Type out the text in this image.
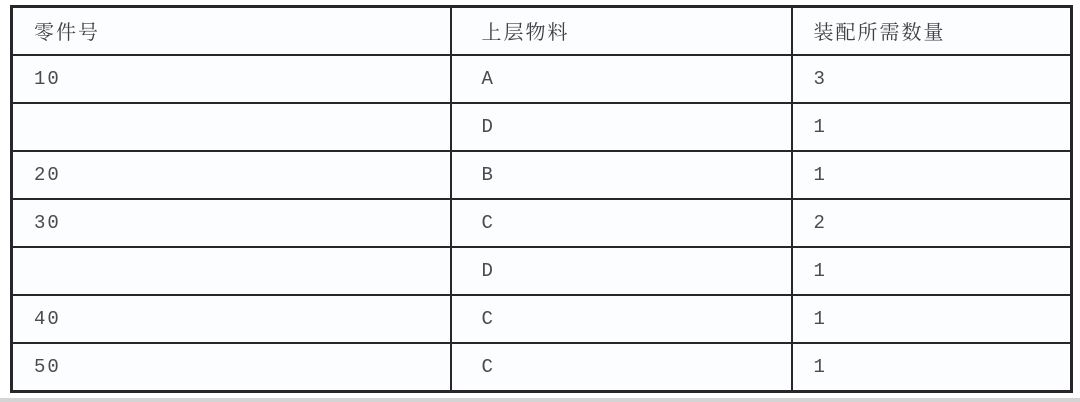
零件号	上层物料	装配所需数量
10	A	3
	D	1
20	B	1
30	C	2
	D	1
40	C	1
50	C	1
